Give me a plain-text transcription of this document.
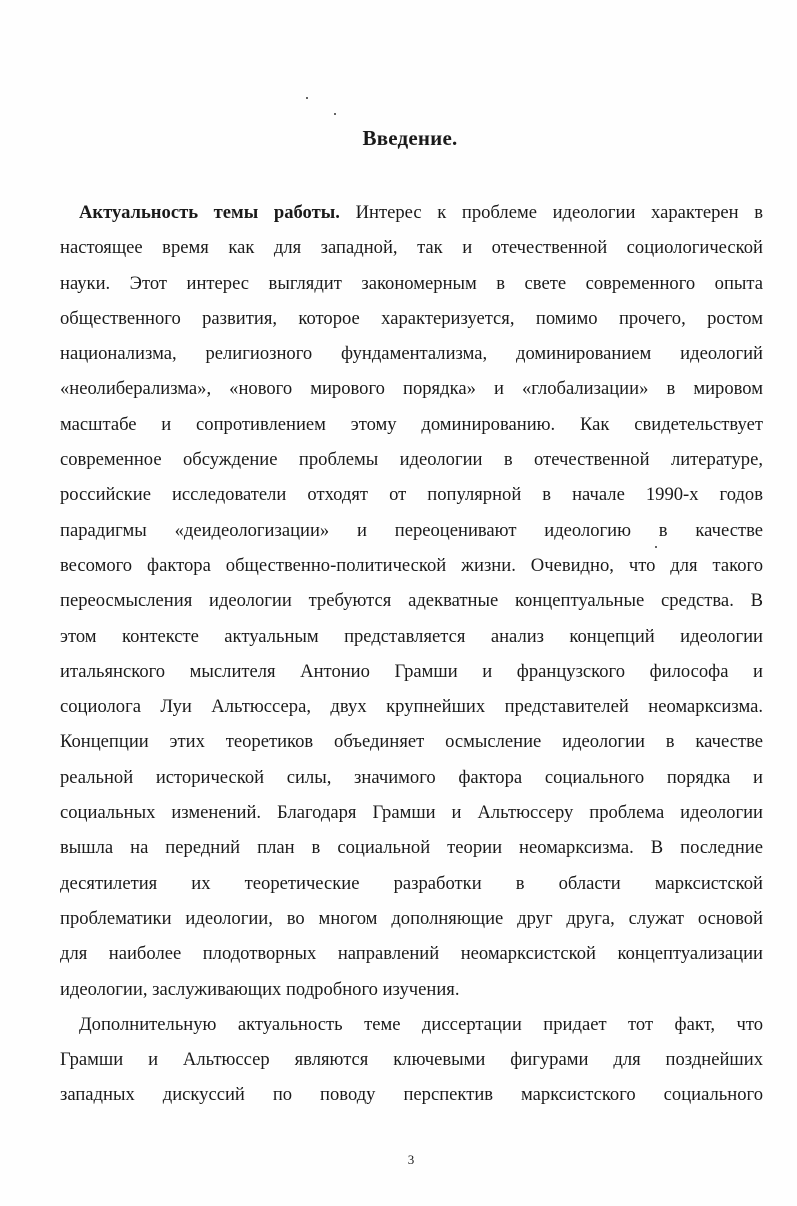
Введение.
Актуальность темы работы. Интерес к проблеме идеологии характерен в
настоящее время как для западной, так и отечественной социологической
науки. Этот интерес выглядит закономерным в свете современного опыта
общественного развития, которое характеризуется, помимо прочего, ростом
национализма, религиозного фундаментализма, доминированием идеологий
«неолиберализма», «нового мирового порядка» и «глобализации» в мировом
масштабе и сопротивлением этому доминированию. Как свидетельствует
современное обсуждение проблемы идеологии в отечественной литературе,
российские исследователи отходят от популярной в начале 1990-х годов
парадигмы «деидеологизации» и переоценивают идеологию в качестве
весомого фактора общественно-политической жизни. Очевидно, что для такого
переосмысления идеологии требуются адекватные концептуальные средства. В
этом контексте актуальным представляется анализ концепций идеологии
итальянского мыслителя Антонио Грамши и французского философа и
социолога Луи Альтюссера, двух крупнейших представителей неомарксизма.
Концепции этих теоретиков объединяет осмысление идеологии в качестве
реальной исторической силы, значимого фактора социального порядка и
социальных изменений. Благодаря Грамши и Альтюссеру проблема идеологии
вышла на передний план в социальной теории неомарксизма. В последние
десятилетия их теоретические разработки в области марксистской
проблематики идеологии, во многом дополняющие друг друга, служат основой
для наиболее плодотворных направлений неомарксистской концептуализации
идеологии, заслуживающих подробного изучения.
Дополнительную актуальность теме диссертации придает тот факт, что
Грамши и Альтюссер являются ключевыми фигурами для позднейших
западных дискуссий по поводу перспектив марксистского социального
3
